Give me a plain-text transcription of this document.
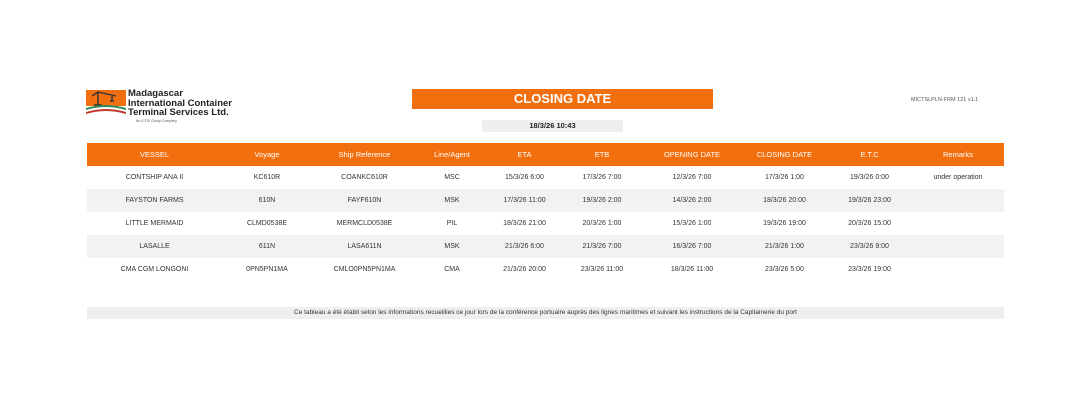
Madagascar
International Container
Terminal Services Ltd.
An ICTSI Group Company
CLOSING DATE	MICTSLPLN-FRM 121 v1.1
18/3/26 10:43
VESSEL	Voyage	Ship Reference	Line/Agent	ETA	ETB	OPENING DATE	CLOSING DATE	E.T.C	Remarks
CONTSHIP ANA II	KC610R	COANKC610R	MSC	15/3/26 6:00	17/3/26 7:00	12/3/26 7:00	17/3/26 1:00	19/3/26 0:00	under operation
FAYSTON FARMS	610N	FAYF610N	MSK	17/3/26 11:00	19/3/26 2:00	14/3/26 2:00	18/3/26 20:00	19/3/26 23:00
LITTLE MERMAID	CLMD0538E	MERMCLD0538E	PIL	18/3/26 21:00	20/3/26 1:00	15/3/26 1:00	19/3/26 19:00	20/3/26 15:00
LASALLE	611N	LASA611N	MSK	21/3/26 6:00	21/3/26 7:00	16/3/26 7:00	21/3/26 1:00	23/3/26 9:00
CMA CGM LONGONI	0PN5PN1MA	CMLO0PN5PN1MA	CMA	21/3/26 20:00	23/3/26 11:00	18/3/26 11:00	23/3/26 5:00	23/3/26 19:00
Ce tableau a été établi selon les informations recueillies ce jour lors de la conférence portuaire auprès des lignes maritimes et suivant les instructions de la Capitainerie du port
